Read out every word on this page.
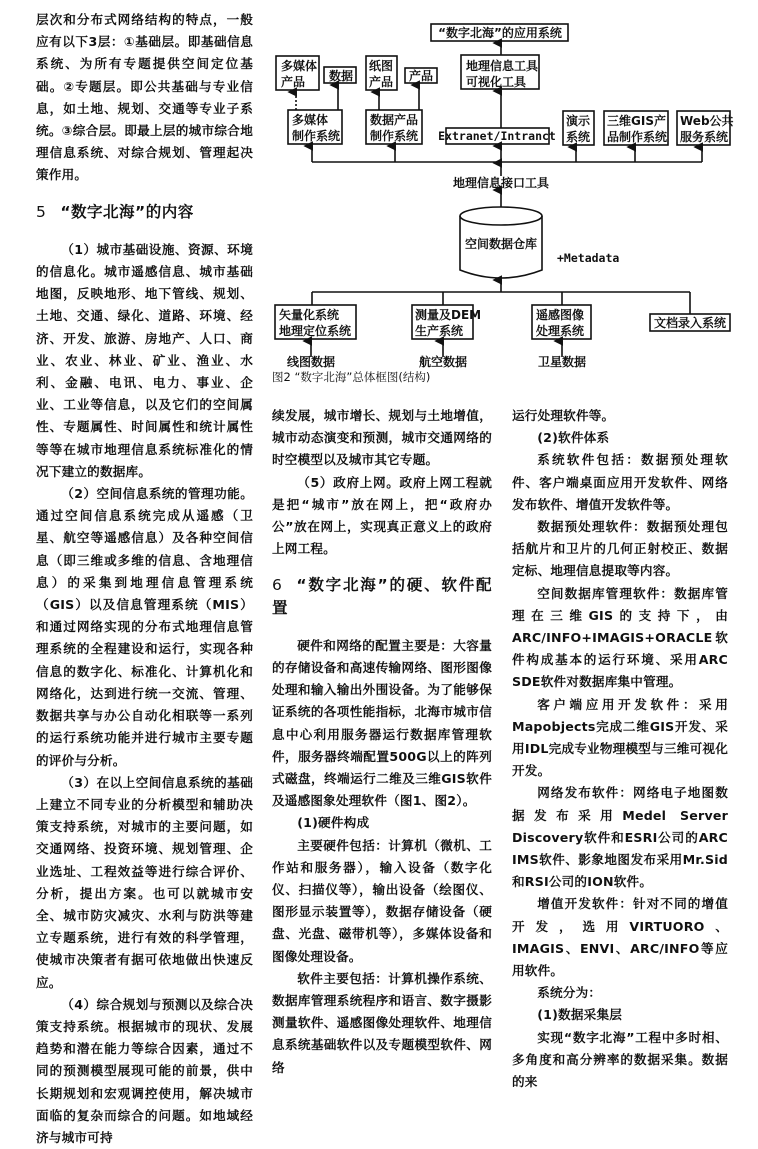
层次和分布式网络结构的特点，一般应有以下3层：①基础层。即基础信息系统、为所有专题提供空间定位基础。②专题层。即公共基础与专业信息，如土地、规划、交通等专业子系统。③综合层。即最上层的城市综合地理信息系统、对综合规划、管理起决策作用。

5 “数字北海”的内容

（1）城市基础设施、资源、环境的信息化。城市遥感信息、城市基础地图，反映地形、地下管线、规划、土地、交通、绿化、道路、环境、经济、开发、旅游、房地产、人口、商业、农业、林业、矿业、渔业、水利、金融、电讯、电力、事业、企业、工业等信息，以及它们的空间属性、专题属性、时间属性和统计属性等等在城市地理信息系统标准化的情况下建立的数据库。

（2）空间信息系统的管理功能。通过空间信息系统完成从遥感（卫星、航空等遥感信息）及各种空间信息（即三维或多维的信息、含地理信息）的采集到地理信息管理系统（GIS）以及信息管理系统（MIS）和通过网络实现的分布式地理信息管理系统的全程建设和运行，实现各种信息的数字化、标准化、计算机化和网络化，达到进行统一交流、管理、数据共享与办公自动化相联等一系列的运行系统功能并进行城市主要专题的评价与分析。

（3）在以上空间信息系统的基础上建立不同专业的分析模型和辅助决策支持系统，对城市的主要问题，如交通网络、投资环境、规划管理、企业选址、工程效益等进行综合评价、分析，提出方案。也可以就城市安全、城市防灾减灾、水利与防洪等建立专题系统，进行有效的科学管理，使城市决策者有据可依地做出快速反应。

（4）综合规划与预测以及综合决策支持系统。根据城市的现状、发展趋势和潜在能力等综合因素，通过不同的预测模型展现可能的前景，供中长期规划和宏观调控使用，解决城市面临的复杂而综合的问题。如地域经济与城市可持

“数字北海”的应用系统
多媒体
产品 数据
纸图
产品 产品
地理信息工具
可视化工具
多媒体
制作系统
数据产品
制作系统 Extranet/Intranct
演示
系统
三维GIS产
品制作系统
Web公共
服务系统
地理信息接口工具
空间数据仓库
+Metadata
矢量化系统
地理定位系统
测量及DEM
生产系统
遥感图像
处理系统
文档录入系统
线图数据	航空数据	卫星数据
图2 “数字北海”总体框图(结构)

续发展，城市增长、规划与土地增值，城市动态演变和预测，城市交通网络的时空模型以及城市其它专题。

（5）政府上网。政府上网工程就是把“城市”放在网上，把“政府办公”放在网上，实现真正意义上的政府上网工程。

6 “数字北海”的硬、软件配置

硬件和网络的配置主要是：大容量的存储设备和高速传输网络、图形图像处理和输入输出外围设备。为了能够保证系统的各项性能指标，北海市城市信息中心利用服务器运行数据库管理软件，服务器终端配置500G以上的阵列式磁盘，终端运行二维及三维GIS软件及遥感图象处理软件（图1、图2）。

(1)硬件构成

主要硬件包括：计算机（微机、工作站和服务器），输入设备（数字化仪、扫描仪等），输出设备（绘图仪、图形显示装置等），数据存储设备（硬盘、光盘、磁带机等），多媒体设备和图像处理设备。

软件主要包括：计算机操作系统、数据库管理系统程序和语言、数字摄影测量软件、遥感图像处理软件、地理信息系统基础软件以及专题模型软件、网络

运行处理软件等。

(2)软件体系

系统软件包括：数据预处理软件、客户端桌面应用开发软件、网络发布软件、增值开发软件等。

数据预处理软件：数据预处理包括航片和卫片的几何正射校正、数据定标、地理信息提取等内容。

空间数据库管理软件：数据库管理在三维GIS的支持下，由ARC/INFO+IMAGIS+ORACLE软件构成基本的运行环境、采用ARC SDE软件对数据库集中管理。

客户端应用开发软件：采用Mapobjects完成二维GIS开发、采用IDL完成专业物理模型与三维可视化开发。

网络发布软件：网络电子地图数据发布采用Medel Server Discovery软件和ESRI公司的ARC IMS软件、影象地图发布采用Mr.Sid和RSI公司的ION软件。

增值开发软件：针对不同的增值开发，选用VIRTUORO、IMAGIS、ENVI、ARC/INFO等应用软件。

系统分为：

(1)数据采集层

实现“数字北海”工程中多时相、多角度和高分辨率的数据采集。数据的来
